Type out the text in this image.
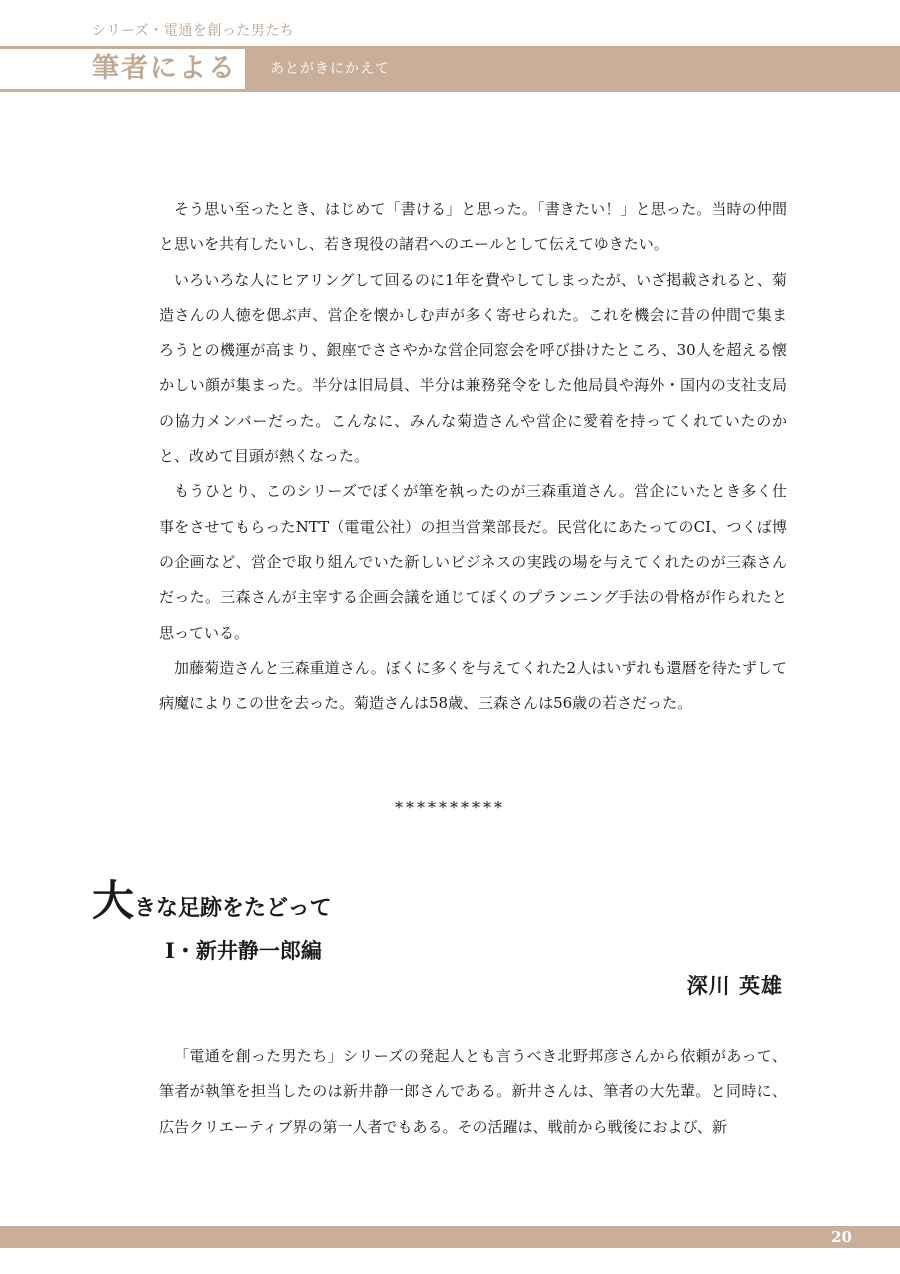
シリーズ・電通を創った男たち
筆者による あとがきにかえて

そう思い至ったとき、はじめて「書ける」と思った。「書きたい！」と思った。当時の仲間と思いを共有したいし、若き現役の諸君へのエールとして伝えてゆきたい。

いろいろな人にヒアリングして回るのに1年を費やしてしまったが、いざ掲載されると、菊造さんの人徳を偲ぶ声、営企を懐かしむ声が多く寄せられた。これを機会に昔の仲間で集まろうとの機運が高まり、銀座でささやかな営企同窓会を呼び掛けたところ、30人を超える懐かしい顔が集まった。半分は旧局員、半分は兼務発令をした他局員や海外・国内の支社支局の協力メンバーだった。こんなに、みんな菊造さんや営企に愛着を持ってくれていたのかと、改めて目頭が熱くなった。

もうひとり、このシリーズでぼくが筆を執ったのが三森重道さん。営企にいたとき多く仕事をさせてもらったNTT（電電公社）の担当営業部長だ。民営化にあたってのCI、つくば博の企画など、営企で取り組んでいた新しいビジネスの実践の場を与えてくれたのが三森さんだった。三森さんが主宰する企画会議を通じてぼくのプランニング手法の骨格が作られたと思っている。

加藤菊造さんと三森重道さん。ぼくに多くを与えてくれた2人はいずれも還暦を待たずして病魔によりこの世を去った。菊造さんは58歳、三森さんは56歳の若さだった。

**********
大きな足跡をたどって
Ⅰ・新井静一郎編
深川 英雄

「電通を創った男たち」シリーズの発起人とも言うべき北野邦彦さんから依頼があって、筆者が執筆を担当したのは新井静一郎さんである。新井さんは、筆者の大先輩。と同時に、広告クリエーティブ界の第一人者でもある。その活躍は、戦前から戦後におよび、新

20
